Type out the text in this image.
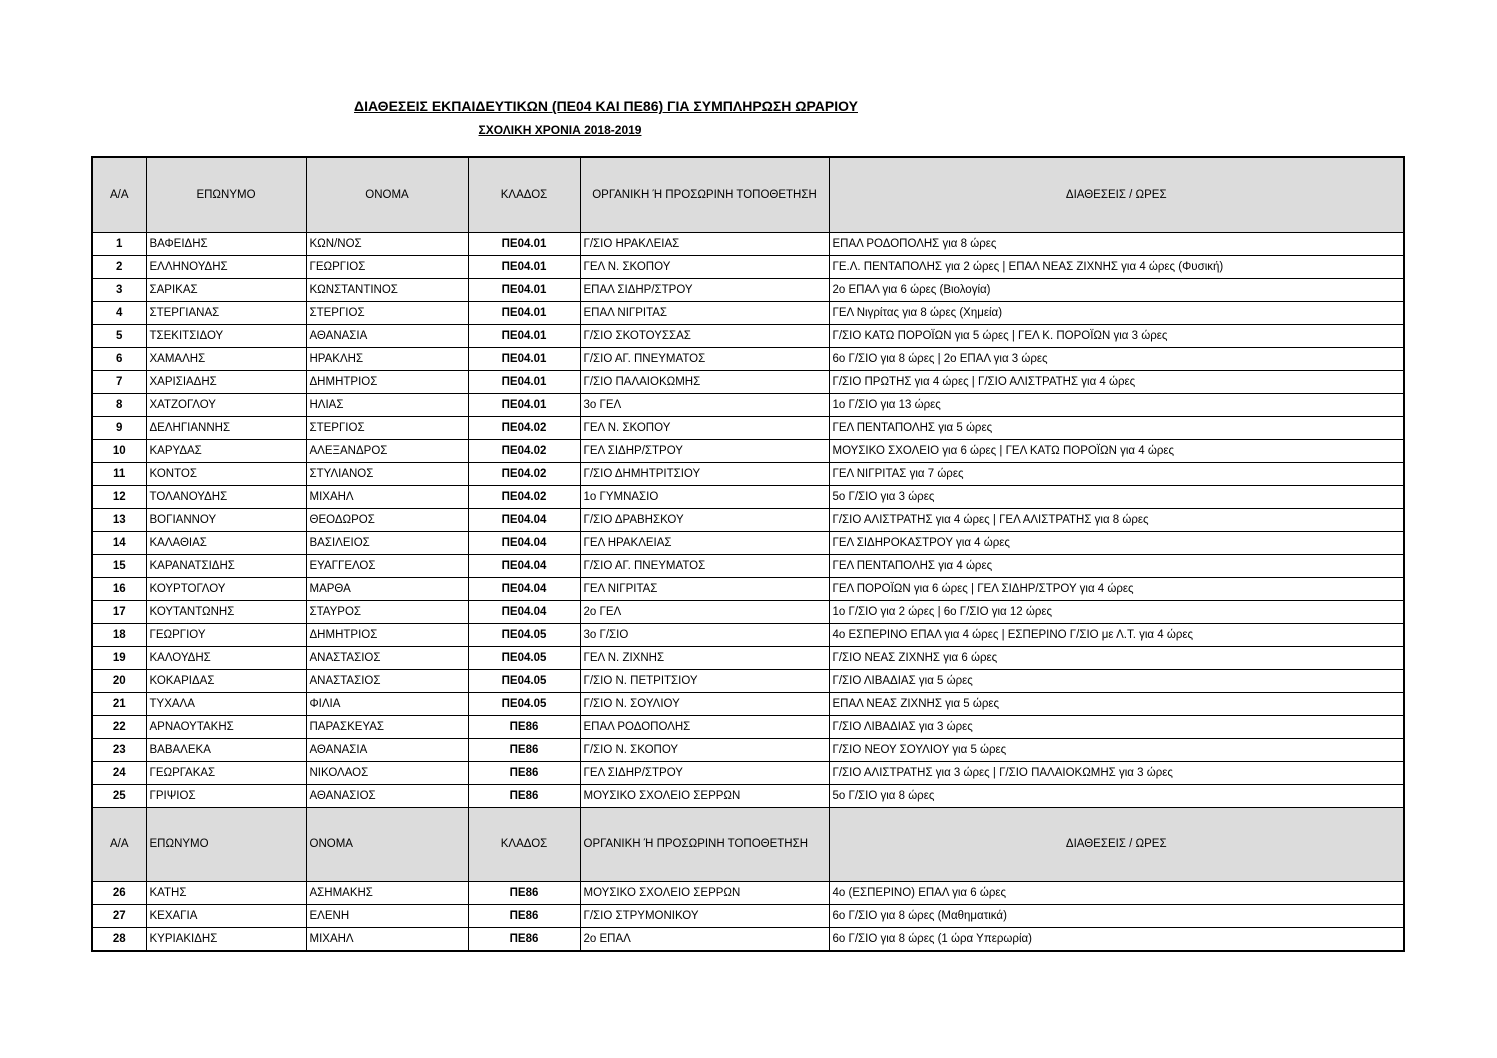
ΔΙΑΘΕΣΕΙΣ ΕΚΠΑΙΔΕΥΤΙΚΩΝ (ΠΕ04 ΚΑΙ ΠΕ86) ΓΙΑ ΣΥΜΠΛΗΡΩΣΗ ΩΡΑΡΙΟΥ
ΣΧΟΛΙΚΗ ΧΡΟΝΙΑ 2018-2019
Α/Α	ΕΠΩΝΥΜΟ	ΟΝΟΜΑ	ΚΛΑΔΟΣ	ΟΡΓΑΝΙΚΗ Ή ΠΡΟΣΩΡΙΝΗ ΤΟΠΟΘΕΤΗΣΗ	ΔΙΑΘΕΣΕΙΣ / ΩΡΕΣ
1	ΒΑΦΕΙΔΗΣ	ΚΩΝ/ΝΟΣ	ΠΕ04.01	Γ/ΣΙΟ ΗΡΑΚΛΕΙΑΣ	ΕΠΑΛ ΡΟΔΟΠΟΛΗΣ για 8 ώρες
2	ΕΛΛΗΝΟΥΔΗΣ	ΓΕΩΡΓΙΟΣ	ΠΕ04.01	ΓΕΛ Ν. ΣΚΟΠΟΥ	ΓΕ.Λ. ΠΕΝΤΑΠΟΛΗΣ για 2 ώρες | ΕΠΑΛ ΝΕΑΣ ΖΙΧΝΗΣ για 4 ώρες (Φυσική)
3	ΣΑΡΙΚΑΣ	ΚΩΝΣΤΑΝΤΙΝΟΣ	ΠΕ04.01	ΕΠΑΛ ΣΙΔΗΡ/ΣΤΡΟΥ	2ο ΕΠΑΛ για 6 ώρες (Βιολογία)
4	ΣΤΕΡΓΙΑΝΑΣ	ΣΤΕΡΓΙΟΣ	ΠΕ04.01	ΕΠΑΛ ΝΙΓΡΙΤΑΣ	ΓΕΛ Νιγρίτας για 8 ώρες (Χημεία)
5	ΤΣΕΚΙΤΣΙΔΟΥ	ΑΘΑΝΑΣΙΑ	ΠΕ04.01	Γ/ΣΙΟ ΣΚΟΤΟΥΣΣΑΣ	Γ/ΣΙΟ ΚΑΤΩ ΠΟΡΟΪΩΝ για 5 ώρες | ΓΕΛ Κ. ΠΟΡΟΪΩΝ για 3 ώρες
6	ΧΑΜΑΛΗΣ	ΗΡΑΚΛΗΣ	ΠΕ04.01	Γ/ΣΙΟ ΑΓ. ΠΝΕΥΜΑΤΟΣ	6ο Γ/ΣΙΟ για 8 ώρες | 2ο ΕΠΑΛ για 3 ώρες
7	ΧΑΡΙΣΙΑΔΗΣ	ΔΗΜΗΤΡΙΟΣ	ΠΕ04.01	Γ/ΣΙΟ ΠΑΛΑΙΟΚΩΜΗΣ	Γ/ΣΙΟ ΠΡΩΤΗΣ για 4 ώρες | Γ/ΣΙΟ ΑΛΙΣΤΡΑΤΗΣ για 4 ώρες
8	ΧΑΤΖΟΓΛΟΥ	ΗΛΙΑΣ	ΠΕ04.01	3ο ΓΕΛ	1ο Γ/ΣΙΟ για 13 ώρες
9	ΔΕΛΗΓΙΑΝΝΗΣ	ΣΤΕΡΓΙΟΣ	ΠΕ04.02	ΓΕΛ Ν. ΣΚΟΠΟΥ	ΓΕΛ ΠΕΝΤΑΠΟΛΗΣ για 5 ώρες
10	ΚΑΡΥΔΑΣ	ΑΛΕΞΑΝΔΡΟΣ	ΠΕ04.02	ΓΕΛ ΣΙΔΗΡ/ΣΤΡΟΥ	ΜΟΥΣΙΚΟ ΣΧΟΛΕΙΟ για 6 ώρες | ΓΕΛ ΚΑΤΩ ΠΟΡΟΪΩΝ για 4 ώρες
11	ΚΟΝΤΟΣ	ΣΤΥΛΙΑΝΟΣ	ΠΕ04.02	Γ/ΣΙΟ ΔΗΜΗΤΡΙΤΣΙΟΥ	ΓΕΛ ΝΙΓΡΙΤΑΣ για 7 ώρες
12	ΤΟΛΑΝΟΥΔΗΣ	ΜΙΧΑΗΛ	ΠΕ04.02	1ο ΓΥΜΝΑΣΙΟ	5ο Γ/ΣΙΟ για 3 ώρες
13	ΒΟΓΙΑΝΝΟΥ	ΘΕΟΔΩΡΟΣ	ΠΕ04.04	Γ/ΣΙΟ ΔΡΑΒΗΣΚΟΥ	Γ/ΣΙΟ ΑΛΙΣΤΡΑΤΗΣ για 4 ώρες | ΓΕΛ ΑΛΙΣΤΡΑΤΗΣ για 8 ώρες
14	ΚΑΛΑΘΙΑΣ	ΒΑΣΙΛΕΙΟΣ	ΠΕ04.04	ΓΕΛ ΗΡΑΚΛΕΙΑΣ	ΓΕΛ ΣΙΔΗΡΟΚΑΣΤΡΟΥ για 4 ώρες
15	ΚΑΡΑΝΑΤΣΙΔΗΣ	ΕΥΑΓΓΕΛΟΣ	ΠΕ04.04	Γ/ΣΙΟ ΑΓ. ΠΝΕΥΜΑΤΟΣ	ΓΕΛ ΠΕΝΤΑΠΟΛΗΣ για 4 ώρες
16	ΚΟΥΡΤΟΓΛΟΥ	ΜΑΡΘΑ	ΠΕ04.04	ΓΕΛ ΝΙΓΡΙΤΑΣ	ΓΕΛ ΠΟΡΟΪΩΝ για 6 ώρες | ΓΕΛ ΣΙΔΗΡ/ΣΤΡΟΥ για 4 ώρες
17	ΚΟΥΤΑΝΤΩΝΗΣ	ΣΤΑΥΡΟΣ	ΠΕ04.04	2ο ΓΕΛ	1ο Γ/ΣΙΟ για 2 ώρες | 6ο Γ/ΣΙΟ για 12 ώρες
18	ΓΕΩΡΓΙΟΥ	ΔΗΜΗΤΡΙΟΣ	ΠΕ04.05	3ο Γ/ΣΙΟ	4ο ΕΣΠΕΡΙΝΟ ΕΠΑΛ για 4 ώρες | ΕΣΠΕΡΙΝΟ Γ/ΣΙΟ με Λ.Τ. για 4 ώρες
19	ΚΑΛΟΥΔΗΣ	ΑΝΑΣΤΑΣΙΟΣ	ΠΕ04.05	ΓΕΛ Ν. ΖΙΧΝΗΣ	Γ/ΣΙΟ ΝΕΑΣ ΖΙΧΝΗΣ για 6 ώρες
20	ΚΟΚΑΡΙΔΑΣ	ΑΝΑΣΤΑΣΙΟΣ	ΠΕ04.05	Γ/ΣΙΟ Ν. ΠΕΤΡΙΤΣΙΟΥ	Γ/ΣΙΟ ΛΙΒΑΔΙΑΣ για 5 ώρες
21	ΤΥΧΑΛΑ	ΦΙΛΙΑ	ΠΕ04.05	Γ/ΣΙΟ Ν. ΣΟΥΛΙΟΥ	ΕΠΑΛ ΝΕΑΣ ΖΙΧΝΗΣ για 5 ώρες
22	ΑΡΝΑΟΥΤΑΚΗΣ	ΠΑΡΑΣΚΕΥΑΣ	ΠΕ86	ΕΠΑΛ ΡΟΔΟΠΟΛΗΣ	Γ/ΣΙΟ ΛΙΒΑΔΙΑΣ για 3 ώρες
23	ΒΑΒΑΛΕΚΑ	ΑΘΑΝΑΣΙΑ	ΠΕ86	Γ/ΣΙΟ Ν. ΣΚΟΠΟΥ	Γ/ΣΙΟ ΝΕΟΥ ΣΟΥΛΙΟΥ για 5 ώρες
24	ΓΕΩΡΓΑΚΑΣ	ΝΙΚΟΛΑΟΣ	ΠΕ86	ΓΕΛ ΣΙΔΗΡ/ΣΤΡΟΥ	Γ/ΣΙΟ ΑΛΙΣΤΡΑΤΗΣ για 3 ώρες | Γ/ΣΙΟ ΠΑΛΑΙΟΚΩΜΗΣ για 3 ώρες
25	ΓΡΙΨΙΟΣ	ΑΘΑΝΑΣΙΟΣ	ΠΕ86	ΜΟΥΣΙΚΟ ΣΧΟΛΕΙΟ ΣΕΡΡΩΝ	5ο Γ/ΣΙΟ για 8 ώρες
Α/Α	ΕΠΩΝΥΜΟ	ΟΝΟΜΑ	ΚΛΑΔΟΣ	ΟΡΓΑΝΙΚΗ Ή ΠΡΟΣΩΡΙΝΗ ΤΟΠΟΘΕΤΗΣΗ	ΔΙΑΘΕΣΕΙΣ / ΩΡΕΣ
26	ΚΑΤΗΣ	ΑΣΗΜΑΚΗΣ	ΠΕ86	ΜΟΥΣΙΚΟ ΣΧΟΛΕΙΟ ΣΕΡΡΩΝ	4ο (ΕΣΠΕΡΙΝΟ) ΕΠΑΛ για 6 ώρες
27	ΚΕΧΑΓΙΑ	ΕΛΕΝΗ	ΠΕ86	Γ/ΣΙΟ ΣΤΡΥΜΟΝΙΚΟΥ	6ο Γ/ΣΙΟ για 8 ώρες (Μαθηματικά)
28	ΚΥΡΙΑΚΙΔΗΣ	ΜΙΧΑΗΛ	ΠΕ86	2ο ΕΠΑΛ	6ο Γ/ΣΙΟ για 8 ώρες (1 ώρα Υπερωρία)
